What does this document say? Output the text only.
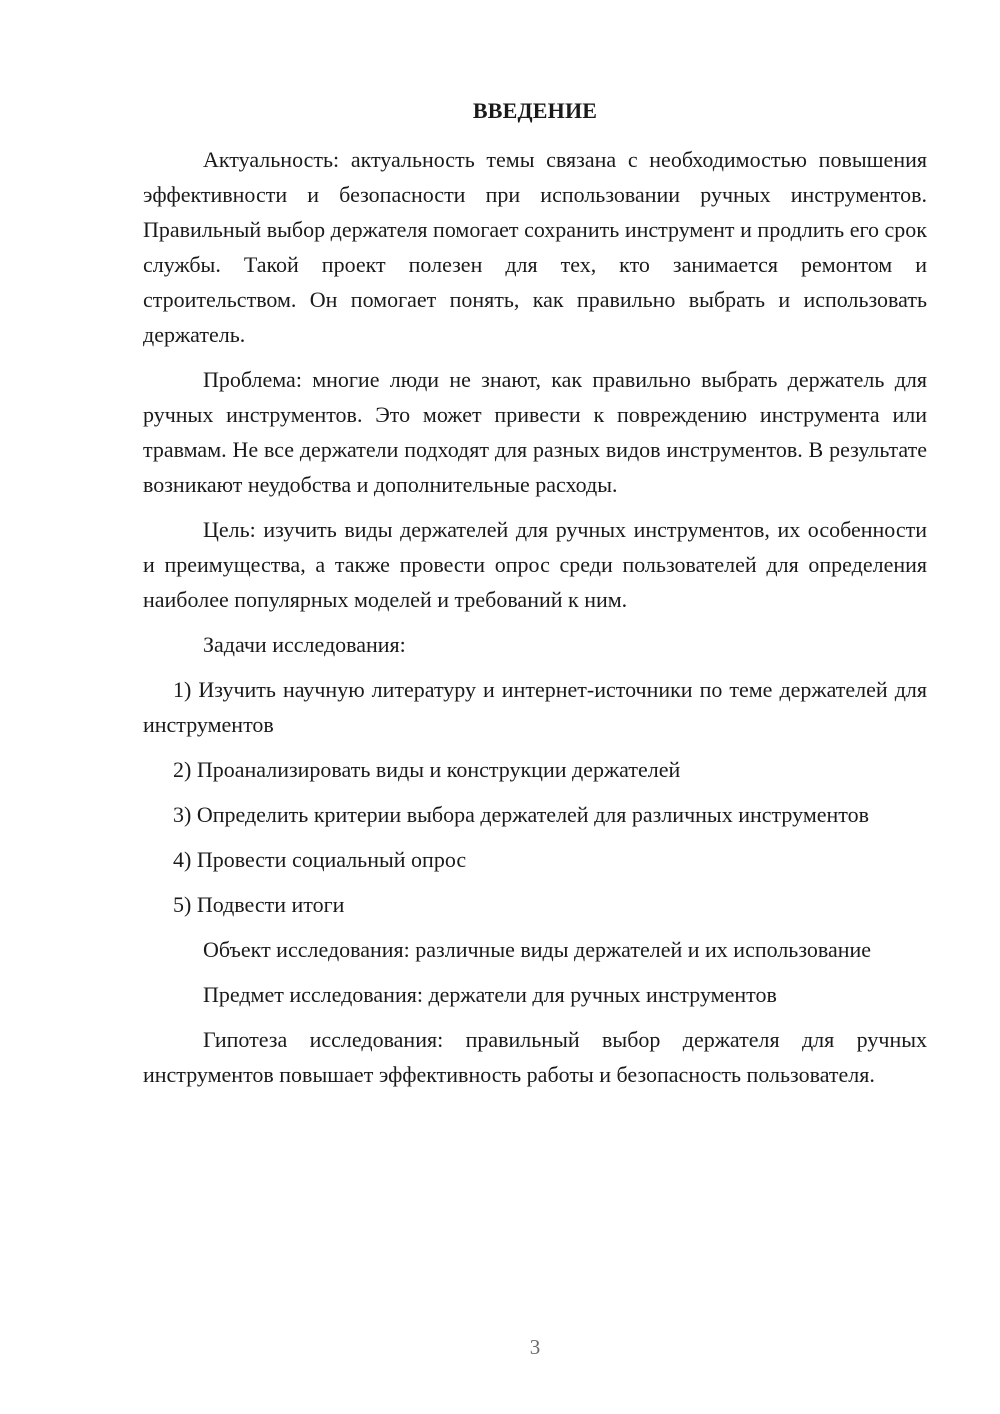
ВВЕДЕНИЕ

Актуальность: актуальность темы связана с необходимостью повышения эффективности и безопасности при использовании ручных инструментов. Правильный выбор держателя помогает сохранить инструмент и продлить его срок службы. Такой проект полезен для тех, кто занимается ремонтом и строительством. Он помогает понять, как правильно выбрать и использовать держатель.

Проблема: многие люди не знают, как правильно выбрать держатель для ручных инструментов. Это может привести к повреждению инструмента или травмам. Не все держатели подходят для разных видов инструментов. В результате возникают неудобства и дополнительные расходы.

Цель: изучить виды держателей для ручных инструментов, их особенности и преимущества, а также провести опрос среди пользователей для определения наиболее популярных моделей и требований к ним.

Задачи исследования:

1) Изучить научную литературу и интернет-источники по теме держателей для инструментов

2) Проанализировать виды и конструкции держателей

3) Определить критерии выбора держателей для различных инструментов

4) Провести социальный опрос

5) Подвести итоги

Объект исследования: различные виды держателей и их использование

Предмет исследования: держатели для ручных инструментов

Гипотеза исследования: правильный выбор держателя для ручных инструментов повышает эффективность работы и безопасность пользователя.

3
